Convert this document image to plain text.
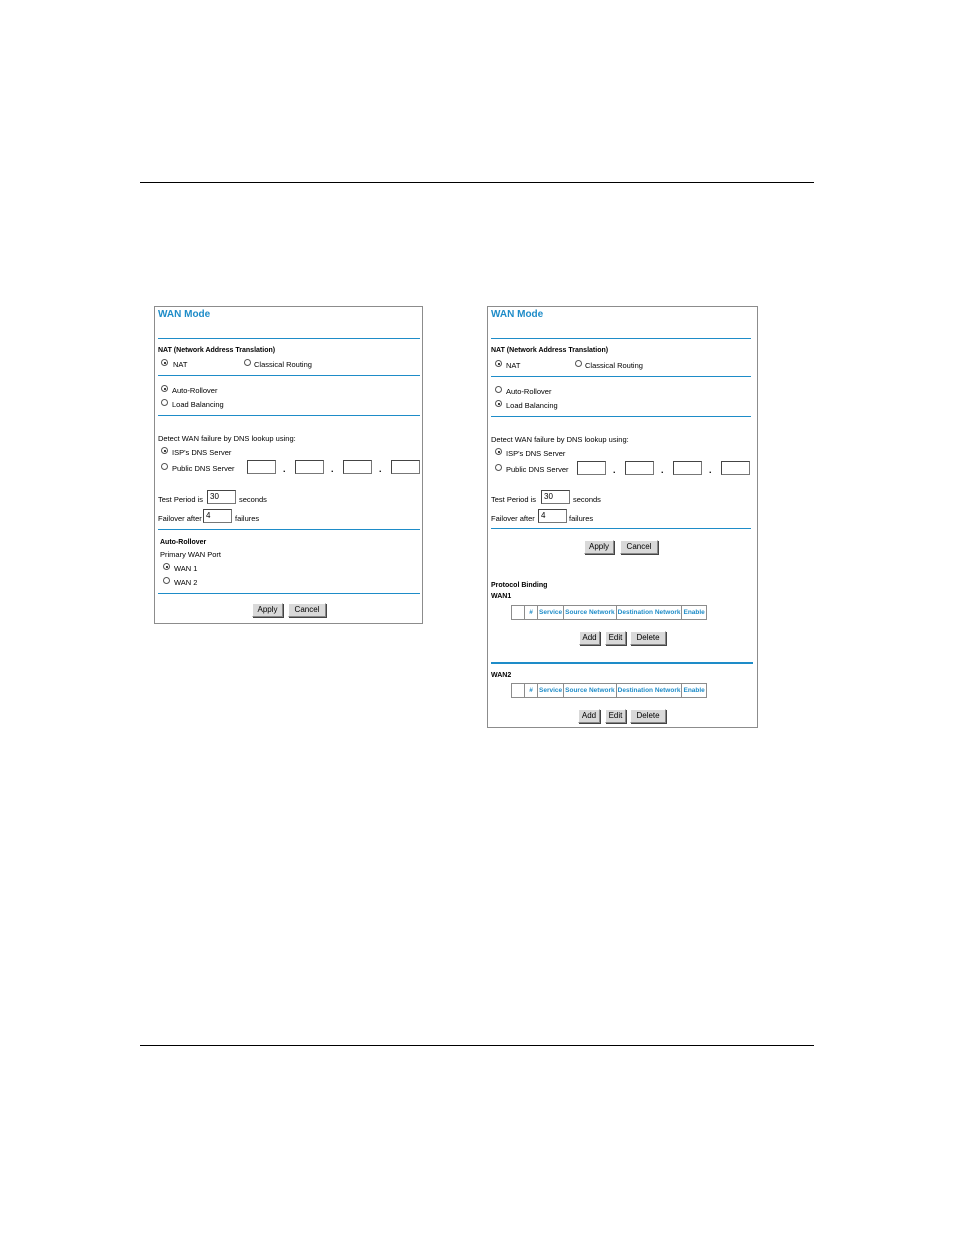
WAN Mode
NAT (Network Address Translation)
NAT	Classical Routing
Auto-Rollover
Load Balancing
Detect WAN failure by DNS lookup using:
ISP's DNS Server
Public DNS Server	.	.	.
Test Period is 30	seconds
Failover after 4	failures
Auto-Rollover
Primary WAN Port
WAN 1
WAN 2
Apply	Cancel
WAN Mode
NAT (Network Address Translation)
NAT	Classical Routing
Auto-Rollover
Load Balancing
Detect WAN failure by DNS lookup using:
ISP's DNS Server
Public DNS Server	.	.	.
Test Period is 30	seconds
Failover after 4	failures
Apply	Cancel
Protocol Binding
WAN1
	#	Service	Source Network	Destination Network	Enable
Add	Edit	Delete
WAN2
	#	Service	Source Network	Destination Network	Enable
Add	Edit	Delete
